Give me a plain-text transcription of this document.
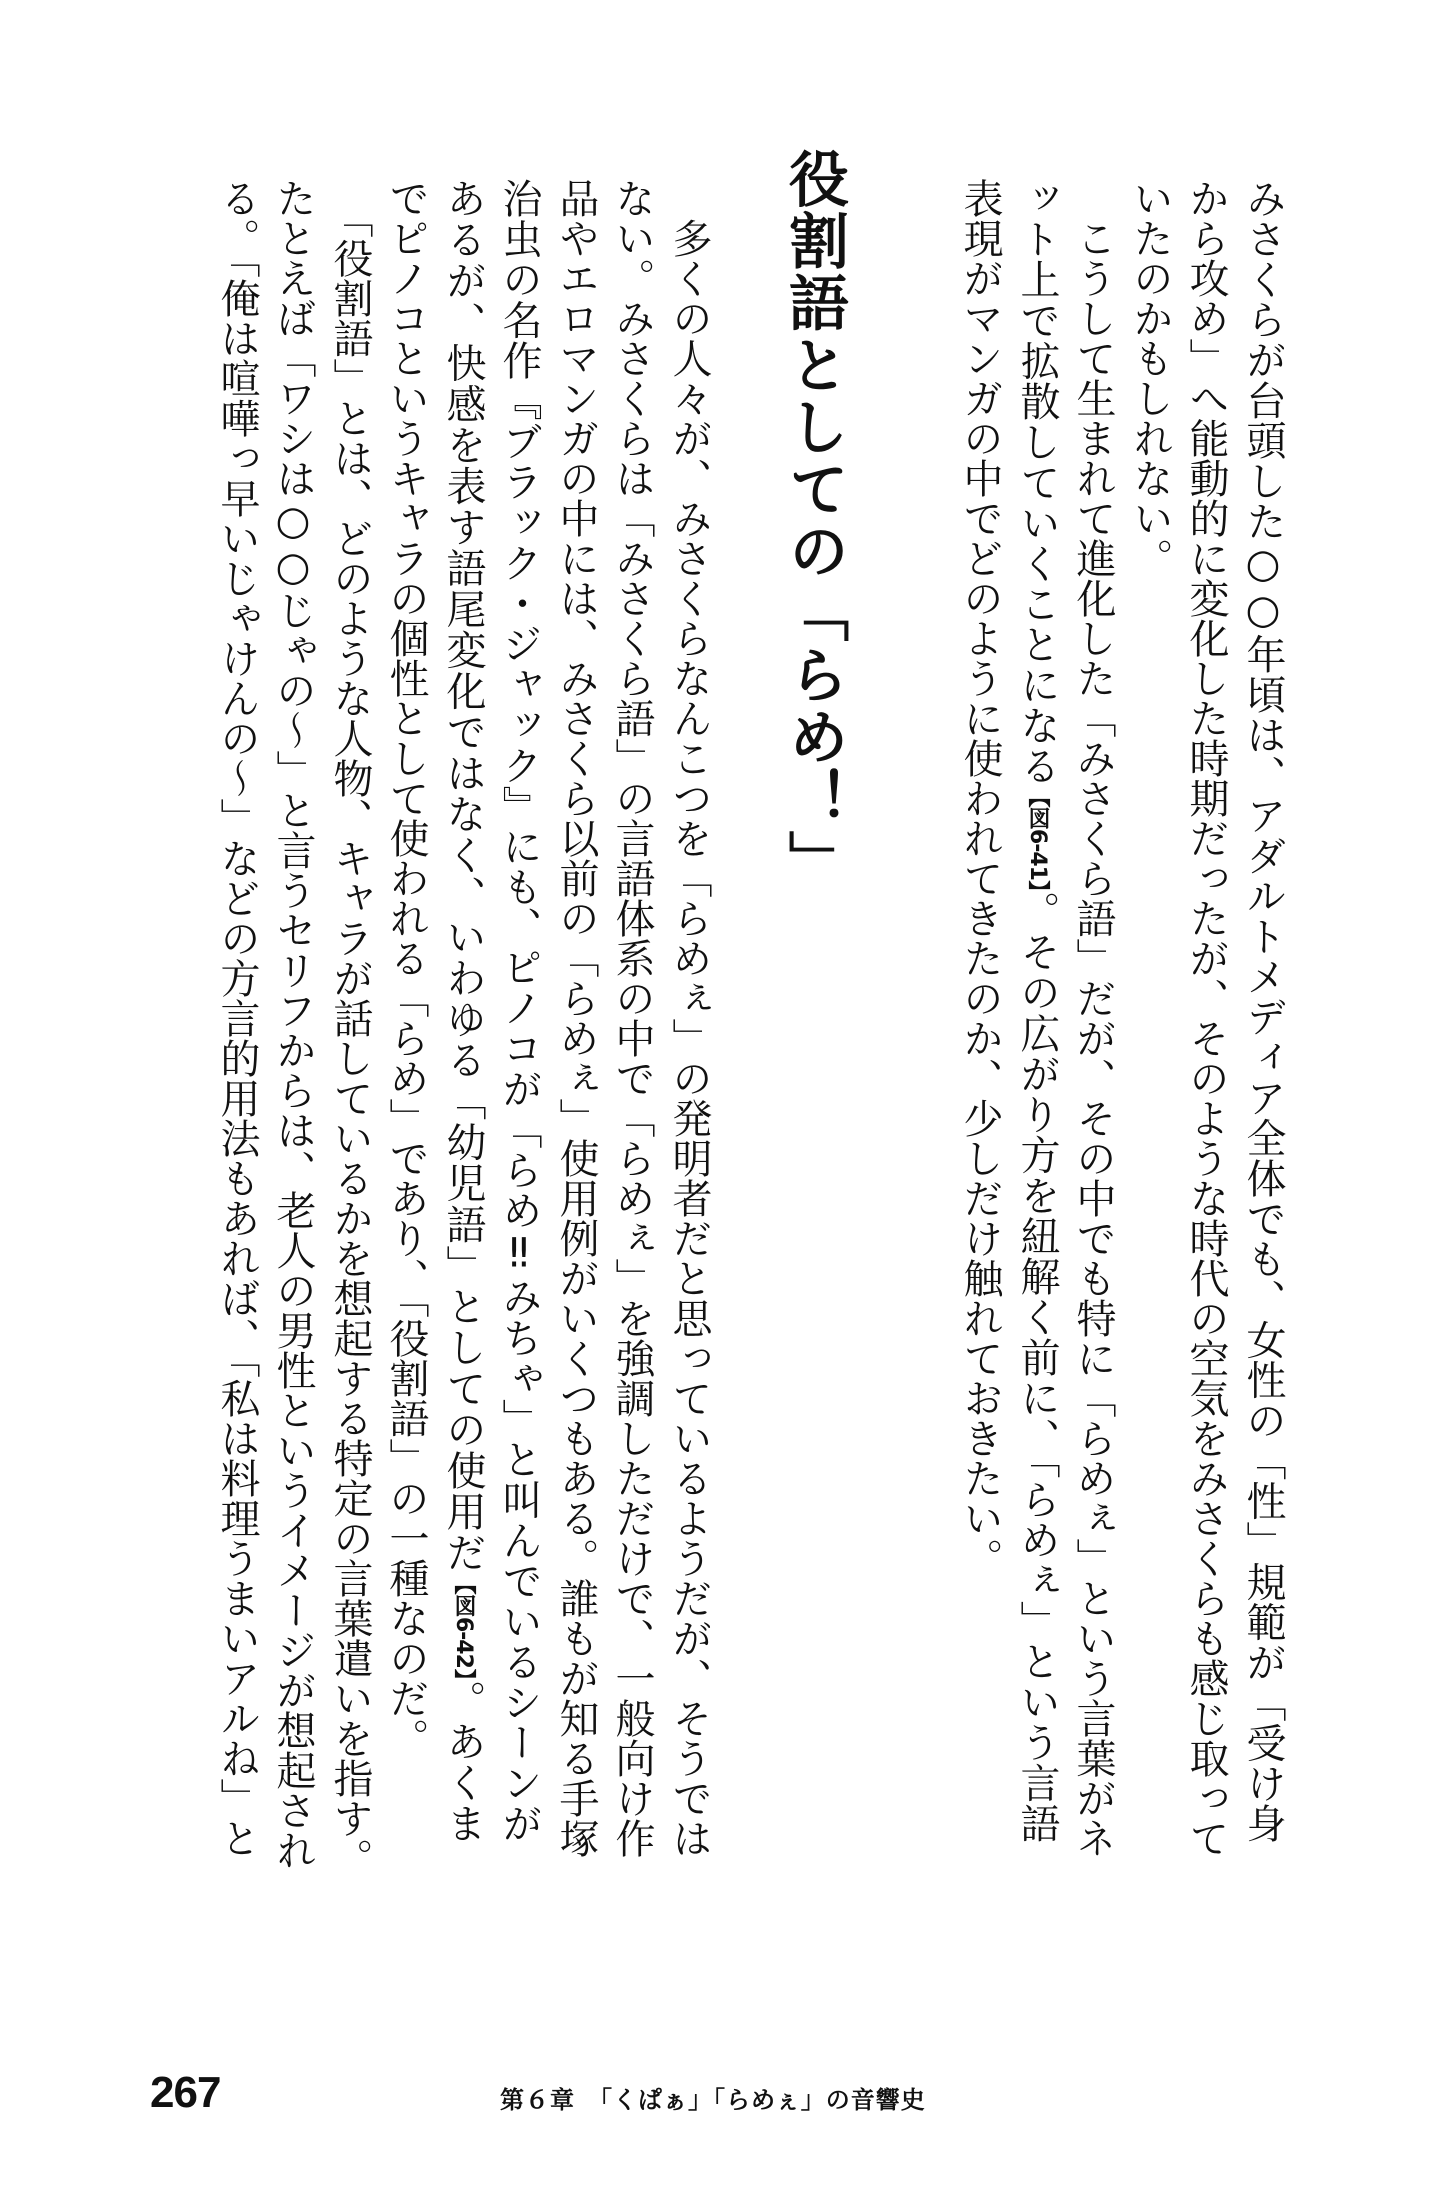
みさくらが台頭した○○年頃は、アダルトメディア全体でも、女性の「性」規範が「受け身
から攻め」へ能動的に変化した時期だったが、そのような時代の空気をみさくらも感じ取って
いたのかもしれない。
　こうして生まれて進化した「みさくら語」だが、その中でも特に「らめぇ」という言葉がネ
ット上で拡散していくことになる【図6-41】。その広がり方を紐解く前に、「らめぇ」という言語
表現がマンガの中でどのように使われてきたのか、少しだけ触れておきたい。
役割語としての「らめ！」
　多くの人々が、みさくらなんこつを「らめぇ」の発明者だと思っているようだが、そうでは
ない。みさくらは「みさくら語」の言語体系の中で「らめぇ」を強調しただけで、一般向け作
品やエロマンガの中には、みさくら以前の「らめぇ」使用例がいくつもある。誰もが知る手塚
治虫の名作『ブラック・ジャック』にも、ピノコが「らめ‼みちゃ」と叫んでいるシーンが
あるが、快感を表す語尾変化ではなく、いわゆる「幼児語」としての使用だ【図6-42】。あくま
でピノコというキャラの個性として使われる「らめ」であり、「役割語」の一種なのだ。
　「役割語」とは、どのような人物、キャラが話しているかを想起する特定の言葉遣いを指す。
たとえば「ワシは○○じゃの〜」と言うセリフからは、老人の男性というイメージが想起され
る。「俺は喧嘩っ早いじゃけんの〜」などの方言的用法もあれば、「私は料理うまいアルね」と
267	第６章　「くぱぁ」「らめぇ」の音響史
